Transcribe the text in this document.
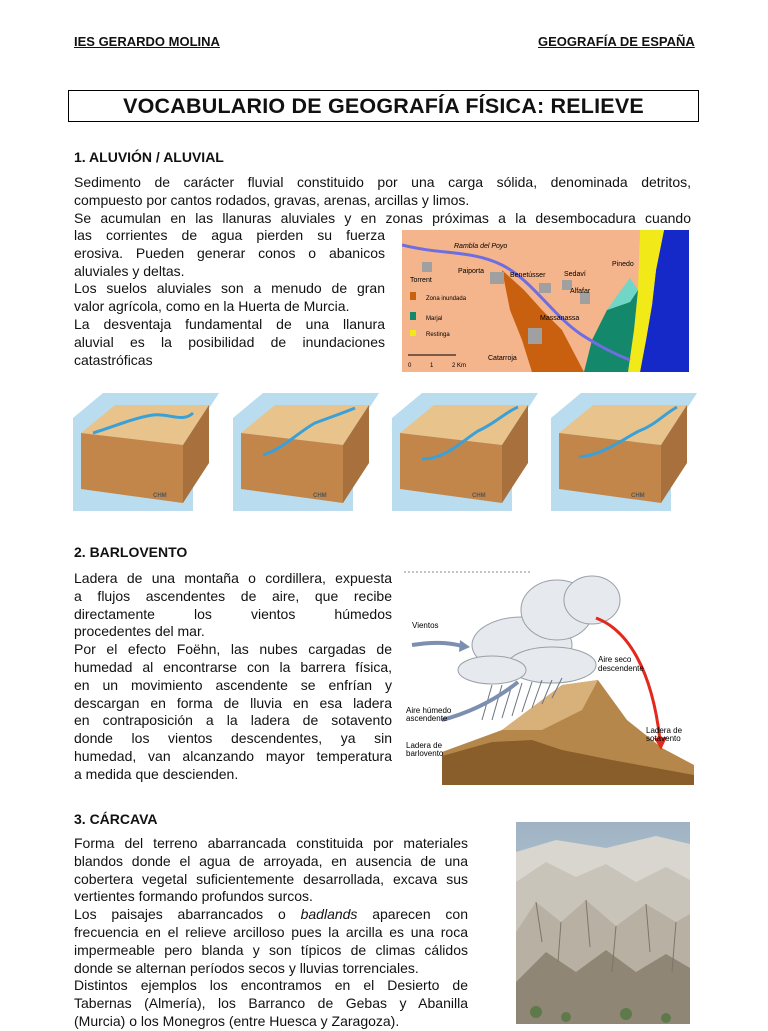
IES GERARDO MOLINA	GEOGRAFÍA DE ESPAÑA
VOCABULARIO DE GEOGRAFÍA FÍSICA: RELIEVE
1. ALUVIÓN / ALUVIAL
Sedimento de carácter fluvial constituido por una carga sólida, denominada detritos,
compuesto por cantos rodados, gravas, arenas, arcillas y limos.
Se acumulan en las llanuras aluviales y en zonas próximas a la desembocadura cuando
las corrientes de agua pierden su fuerza
erosiva. Pueden generar conos o abanicos
aluviales y deltas.
Los suelos aluviales son a menudo de gran
valor agrícola, como en la Huerta de Murcia.
La desventaja fundamental de una llanura
aluvial es la posibilidad de inundaciones
catastróficas
Rambla del Poyo
Torrent
Paiporta
Benetússer	Sedaví
Alfafar
Pinedo
Massanassa
Catarroja
Zona inundada
Marjal
Restinga
0	1	2 Km
CHM	CHM	CHM	CHM
2. BARLOVENTO
Ladera de una montaña o cordillera, expuesta
a flujos ascendentes de aire, que recibe
directamente los vientos húmedos
procedentes del mar.
Por el efecto Foëhn, las nubes cargadas de
humedad al encontrarse con la barrera física,
en un movimiento ascendente se enfrían y
descargan en forma de lluvia en esa ladera
en contraposición a la ladera de sotavento
donde los vientos descendentes, ya sin
humedad, van alcanzando mayor temperatura
a medida que descienden.
Vientos
Aire seco
descendente
Aire húmedo
ascendente
Ladera de
barlovento
Ladera de
sotavento
3. CÁRCAVA
Forma del terreno abarrancada constituida por materiales
blandos donde el agua de arroyada, en ausencia de una
cobertera vegetal suficientemente desarrollada, excava sus
vertientes formando profundos surcos.
Los paisajes abarrancados o badlands aparecen con
frecuencia en el relieve arcilloso pues la arcilla es una roca
impermeable pero blanda y son típicos de climas cálidos
donde se alternan períodos secos y lluvias torrenciales.
Distintos ejemplos los encontramos en el Desierto de
Tabernas (Almería), los Barranco de Gebas y Abanilla
(Murcia) o los Monegros (entre Huesca y Zaragoza).
